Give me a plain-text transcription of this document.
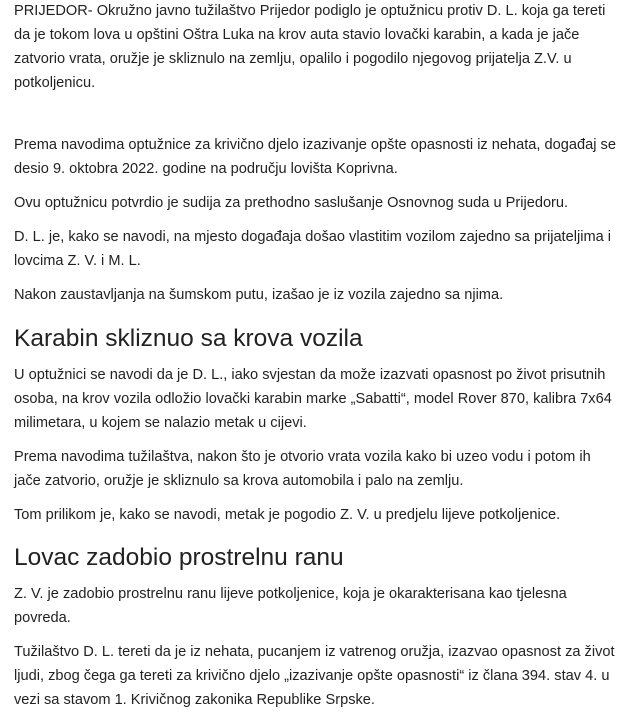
PRIJEDOR- Okružno javno tužilaštvo Prijedor podiglo je optužnicu protiv D. L. koja ga tereti da je tokom lova u opštini Oštra Luka na krov auta stavio lovački karabin, a kada je jače zatvorio vrata, oružje je skliznulo na zemlju, opalilo i pogodilo njegovog prijatelja Z.V. u potkoljenicu.

Prema navodima optužnice za krivično djelo izazivanje opšte opasnosti iz nehata, događaj se desio 9. oktobra 2022. godine na području lovišta Koprivna.

Ovu optužnicu potvrdio je sudija za prethodno saslušanje Osnovnog suda u Prijedoru.

D. L. je, kako se navodi, na mjesto događaja došao vlastitim vozilom zajedno sa prijateljima i lovcima Z. V. i M. L.

Nakon zaustavljanja na šumskom putu, izašao je iz vozila zajedno sa njima.

Karabin skliznuo sa krova vozila

U optužnici se navodi da je D. L., iako svjestan da može izazvati opasnost po život prisutnih osoba, na krov vozila odložio lovački karabin marke „Sabatti“, model Rover 870, kalibra 7x64 milimetara, u kojem se nalazio metak u cijevi.

Prema navodima tužilaštva, nakon što je otvorio vrata vozila kako bi uzeo vodu i potom ih jače zatvorio, oružje je skliznulo sa krova automobila i palo na zemlju.

Tom prilikom je, kako se navodi, metak je pogodio Z. V. u predjelu lijeve potkoljenice.

Lovac zadobio prostrelnu ranu

Z. V. je zadobio prostrelnu ranu lijeve potkoljenice, koja je okarakterisana kao tjelesna povreda.

Tužilaštvo D. L. tereti da je iz nehata, pucanjem iz vatrenog oružja, izazvao opasnost za život ljudi, zbog čega ga tereti za krivično djelo „izazivanje opšte opasnosti“ iz člana 394. stav 4. u vezi sa stavom 1. Krivičnog zakonika Republike Srpske.
